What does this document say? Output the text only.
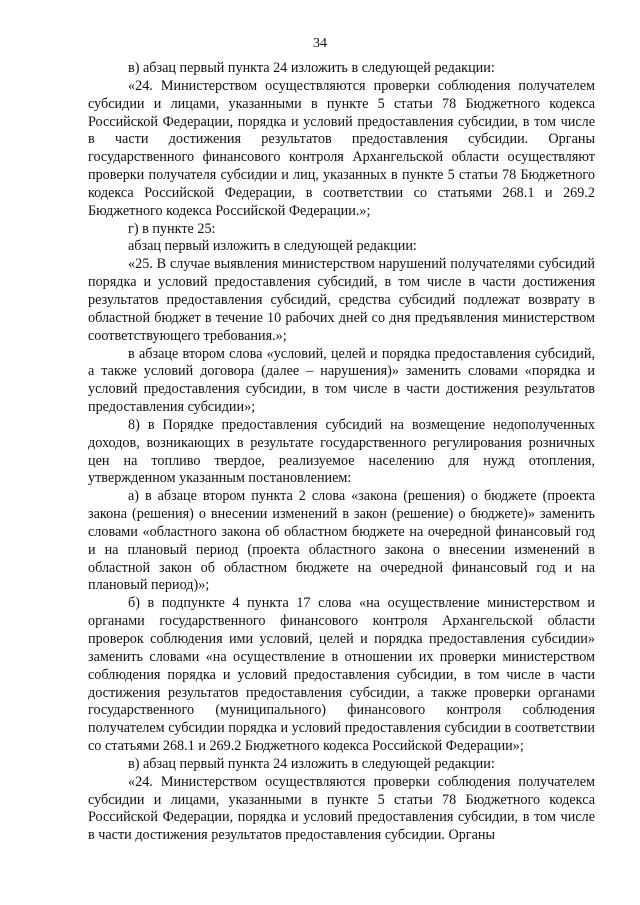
34

в) абзац первый пункта 24 изложить в следующей редакции:

«24. Министерством осуществляются проверки соблюдения получателем субсидии и лицами, указанными в пункте 5 статьи 78 Бюджетного кодекса Российской Федерации, порядка и условий предоставления субсидии, в том числе в части достижения результатов предоставления субсидии. Органы государственного финансового контроля Архангельской области осуществляют проверки получателя субсидии и лиц, указанных в пункте 5 статьи 78 Бюджетного кодекса Российской Федерации, в соответствии со статьями 268.1 и 269.2 Бюджетного кодекса Российской Федерации.»;

г) в пункте 25:

абзац первый изложить в следующей редакции:

«25. В случае выявления министерством нарушений получателями субсидий порядка и условий предоставления субсидий, в том числе в части достижения результатов предоставления субсидий, средства субсидий подлежат возврату в областной бюджет в течение 10 рабочих дней со дня предъявления министерством соответствующего требования.»;

в абзаце втором слова «условий, целей и порядка предоставления субсидий, а также условий договора (далее – нарушения)» заменить словами «порядка и условий предоставления субсидии, в том числе в части достижения результатов предоставления субсидии»;

8) в Порядке предоставления субсидий на возмещение недополученных доходов, возникающих в результате государственного регулирования розничных цен на топливо твердое, реализуемое населению для нужд отопления, утвержденном указанным постановлением:

а) в абзаце втором пункта 2 слова «закона (решения) о бюджете (проекта закона (решения) о внесении изменений в закон (решение) о бюджете)» заменить словами «областного закона об областном бюджете на очередной финансовый год и на плановый период (проекта областного закона о внесении изменений в областной закон об областном бюджете на очередной финансовый год и на плановый период)»;

б) в подпункте 4 пункта 17 слова «на осуществление министерством и органами государственного финансового контроля Архангельской области проверок соблюдения ими условий, целей и порядка предоставления субсидии» заменить словами «на осуществление в отношении их проверки министерством соблюдения порядка и условий предоставления субсидии, в том числе в части достижения результатов предоставления субсидии, а также проверки органами государственного (муниципального) финансового контроля соблюдения получателем субсидии порядка и условий предоставления субсидии в соответствии со статьями 268.1 и 269.2 Бюджетного кодекса Российской Федерации»;

в) абзац первый пункта 24 изложить в следующей редакции:

«24. Министерством осуществляются проверки соблюдения получателем субсидии и лицами, указанными в пункте 5 статьи 78 Бюджетного кодекса Российской Федерации, порядка и условий предоставления субсидии, в том числе в части достижения результатов предоставления субсидии. Органы
